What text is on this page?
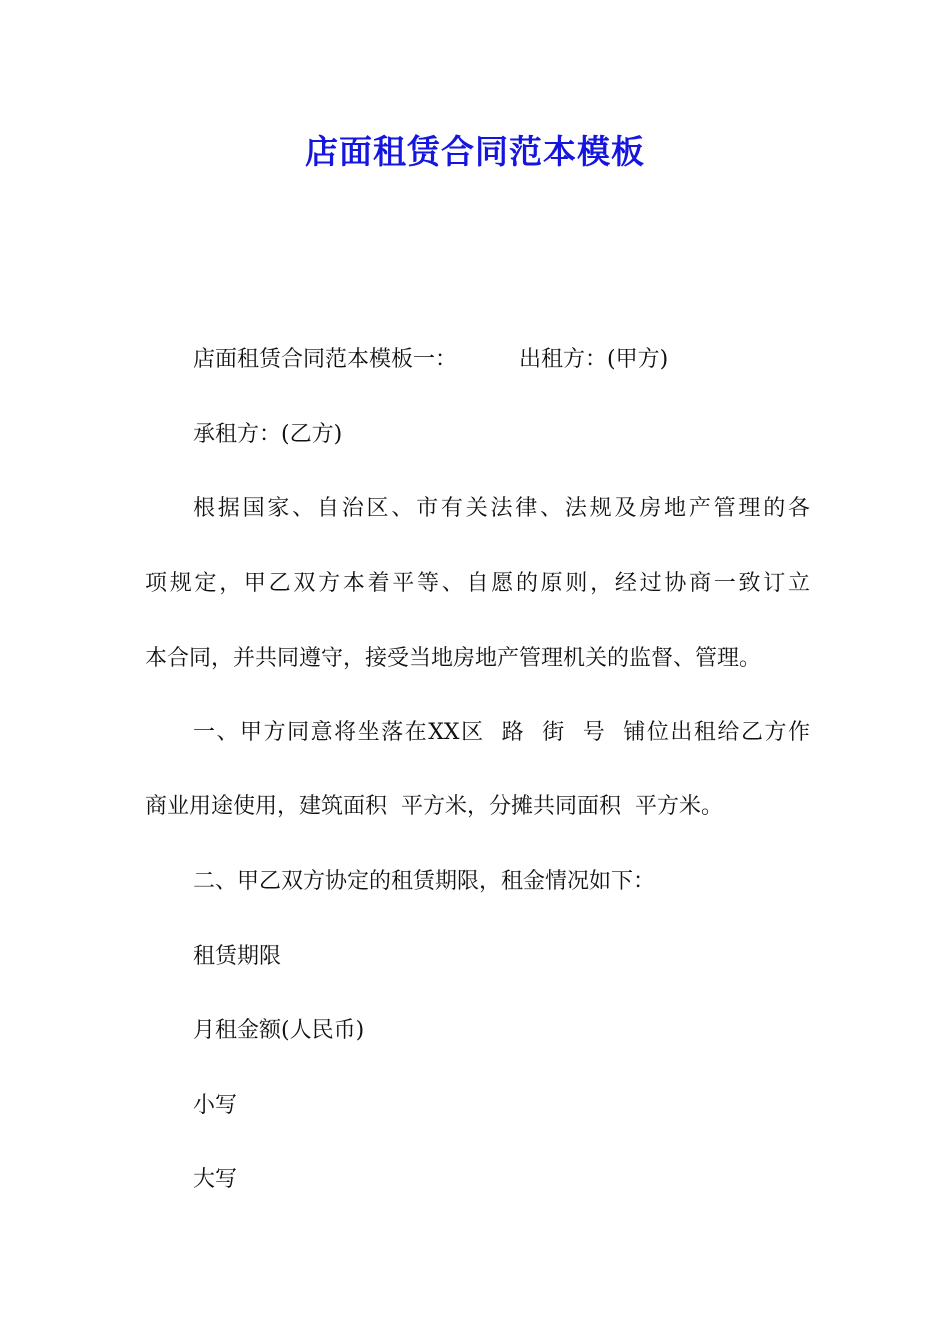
店面租赁合同范本模板

店面租赁合同范本模板一：	出租方：(甲方)

承租方：(乙方)

根据国家、自治区、市有关法律、法规及房地产管理的各

项规定，甲乙双方本着平等、自愿的原则，经过协商一致订立

本合同，并共同遵守，接受当地房地产管理机关的监督、管理。

一、甲方同意将坐落在XX区  路  街  号  铺位出租给乙方作

商业用途使用，建筑面积  平方米，分摊共同面积  平方米。

二、甲乙双方协定的租赁期限，租金情况如下：

租赁期限

月租金额(人民币)

小写

大写
